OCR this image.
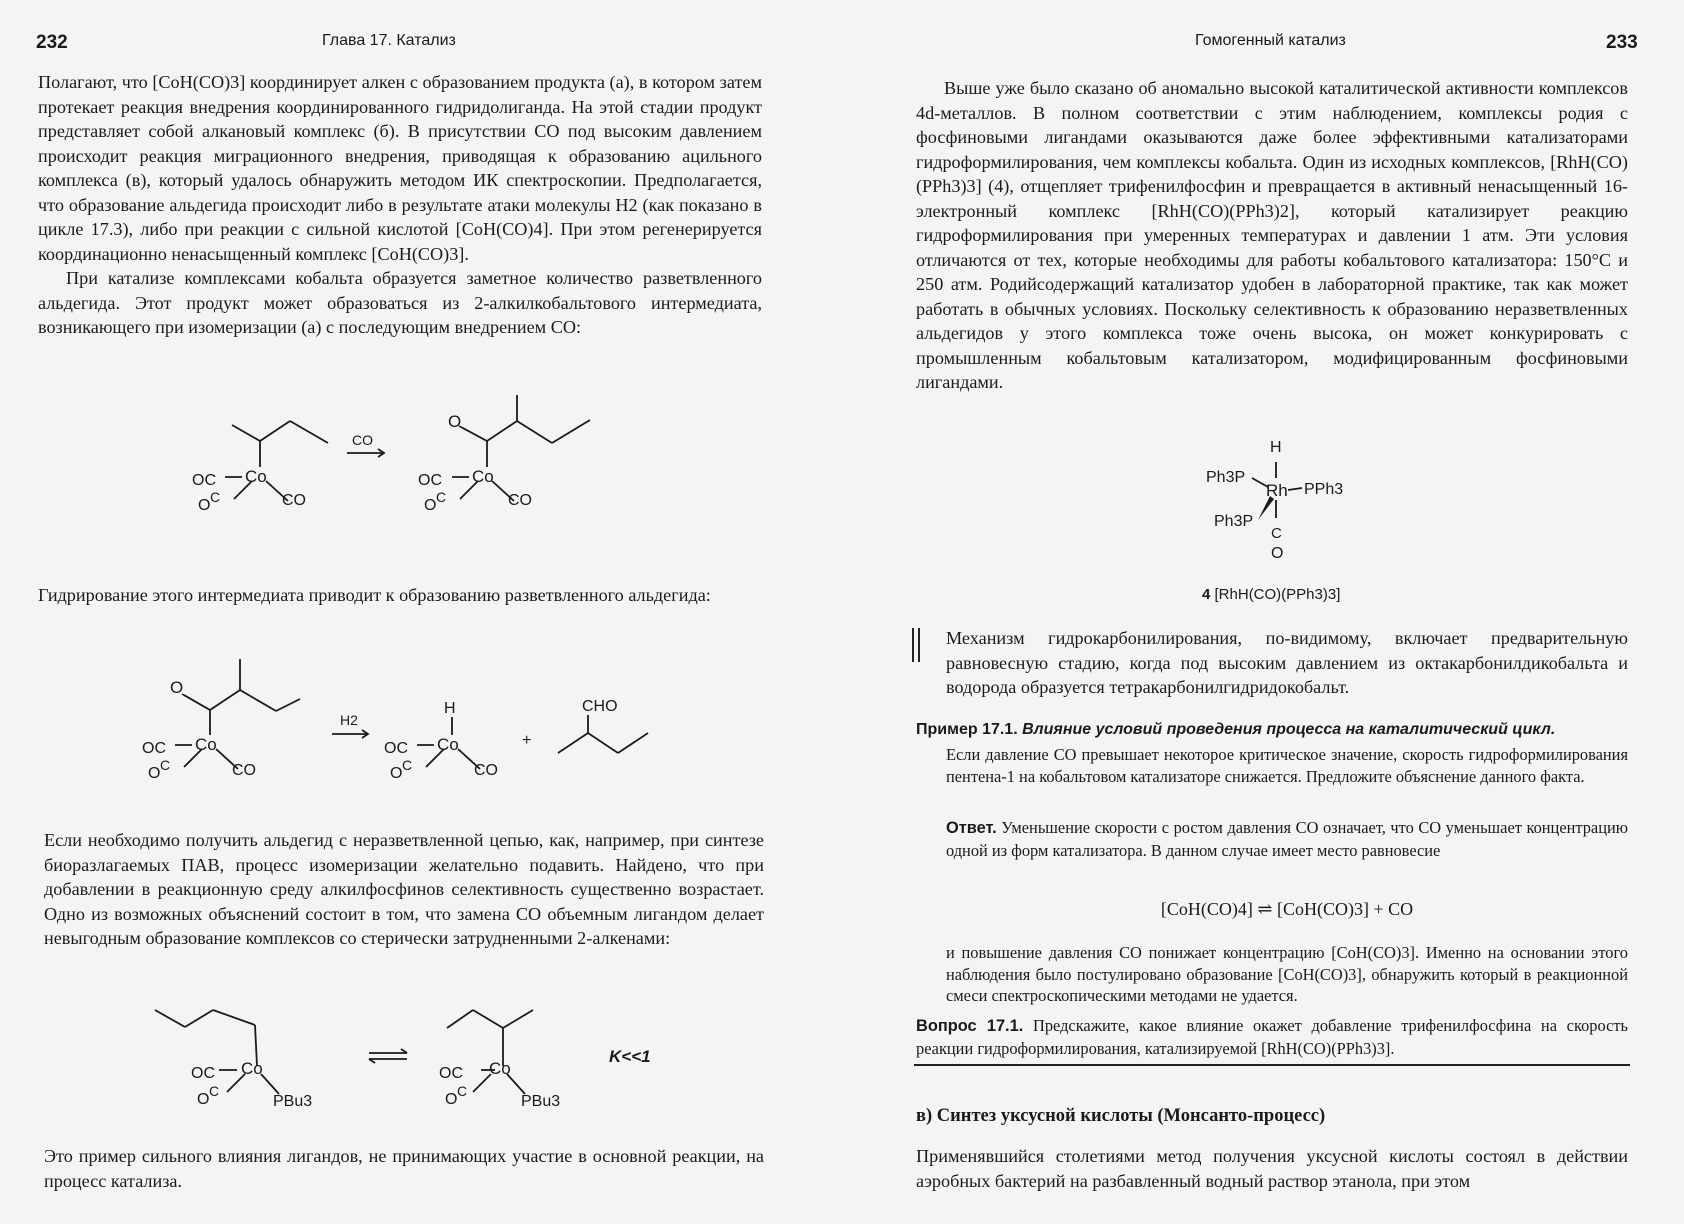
232	Глава 17. Катализ

Полагают, что [CoH(CO)3] координирует алкен с образованием продукта (а), в котором затем протекает реакция внедрения координированного гидридолиганда. На этой стадии продукт представляет собой алкановый комплекс (б). В присутствии CO под высоким давлением происходит реакция миграционного внедрения, приводящая к образованию ацильного комплекса (в), который удалось обнаружить методом ИК спектроскопии. Предполагается, что образование альдегида происходит либо в результате атаки молекулы H2 (как показано в цикле 17.3), либо при реакции с сильной кислотой [CoH(CO)4]. При этом регенерируется координационно ненасыщенный комплекс [CoH(CO)3].

При катализе комплексами кобальта образуется заметное количество разветвленного альдегида. Этот продукт может образоваться из 2-алкилкобальтового интермедиата, возникающего при изомеризации (а) с последующим внедрением CO:

Co
OC
O C	CO
CO
O
Co
OC
O C	CO

Гидрирование этого интермедиата приводит к образованию разветвленного альдегида:

O
Co
OC
O C	CO
H2
H
Co
OC
O C	CO
+
CHO

Если необходимо получить альдегид с неразветвленной цепью, как, например, при синтезе биоразлагаемых ПАВ, процесс изомеризации желательно подавить. Найдено, что при добавлении в реакционную среду алкилфосфинов селективность существенно возрастает. Одно из возможных объяснений состоит в том, что замена CO объемным лигандом делает невыгодным образование комплексов со стерически затрудненными 2-алкенами:

Co
OC
O C
PBu3
Co
OC
O C
PBu3
K<<1

Это пример сильного влияния лигандов, не принимающих участие в основной реакции, на процесс катализа.

Гомогенный катализ	233
Выше уже было сказано об аномально высокой каталитической активности комплексов 4d-металлов. В полном соответствии с этим наблюдением, комплексы родия с фосфиновыми лигандами оказываются даже более эффективными катализаторами гидроформилирования, чем комплексы кобальта. Один из исходных комплексов, [RhH(CO)(PPh3)3] (4), отщепляет трифенилфосфин и превращается в активный ненасыщенный 16-электронный комплекс [RhH(CO)(PPh3)2], который катализирует реакцию гидроформилирования при умеренных температурах и давлении 1 атм. Эти условия отличаются от тех, которые необходимы для работы кобальтового катализатора: 150°C и 250 атм. Родийсодержащий катализатор удобен в лабораторной практике, так как может работать в обычных условиях. Поскольку селективность к образованию неразветвленных альдегидов у этого комплекса тоже очень высока, он может конкурировать с промышленным кобальтовым катализатором, модифицированным фосфиновыми лигандами.
H
Ph3P
Rh PPh3
Ph3P
C
O
4 [RhH(CO)(PPh3)3]
Механизм гидрокарбонилирования, по-видимому, включает предварительную равновесную стадию, когда под высоким давлением из октакарбонилдикобальта и водорода образуется тетракарбонилгидридокобальт.
Пример 17.1. Влияние условий проведения процесса на каталитический цикл.
Если давление CO превышает некоторое критическое значение, скорость гидроформилирования пентена-1 на кобальтовом катализаторе снижается. Предложите объяснение данного факта.
Ответ. Уменьшение скорости с ростом давления CO означает, что CO уменьшает концентрацию одной из форм катализатора. В данном случае имеет место равновесие
[CoH(CO)4] ⇌ [CoH(CO)3] + CO
и повышение давления CO понижает концентрацию [CoH(CO)3]. Именно на основании этого наблюдения было постулировано образование [CoH(CO)3], обнаружить который в реакционной смеси спектроскопическими методами не удается.
Вопрос 17.1. Предскажите, какое влияние окажет добавление трифенилфосфина на скорость реакции гидроформилирования, катализируемой [RhH(CO)(PPh3)3].
в) Синтез уксусной кислоты (Монсанто-процесс)
Применявшийся столетиями метод получения уксусной кислоты состоял в действии аэробных бактерий на разбавленный водный раствор этанола, при этом
